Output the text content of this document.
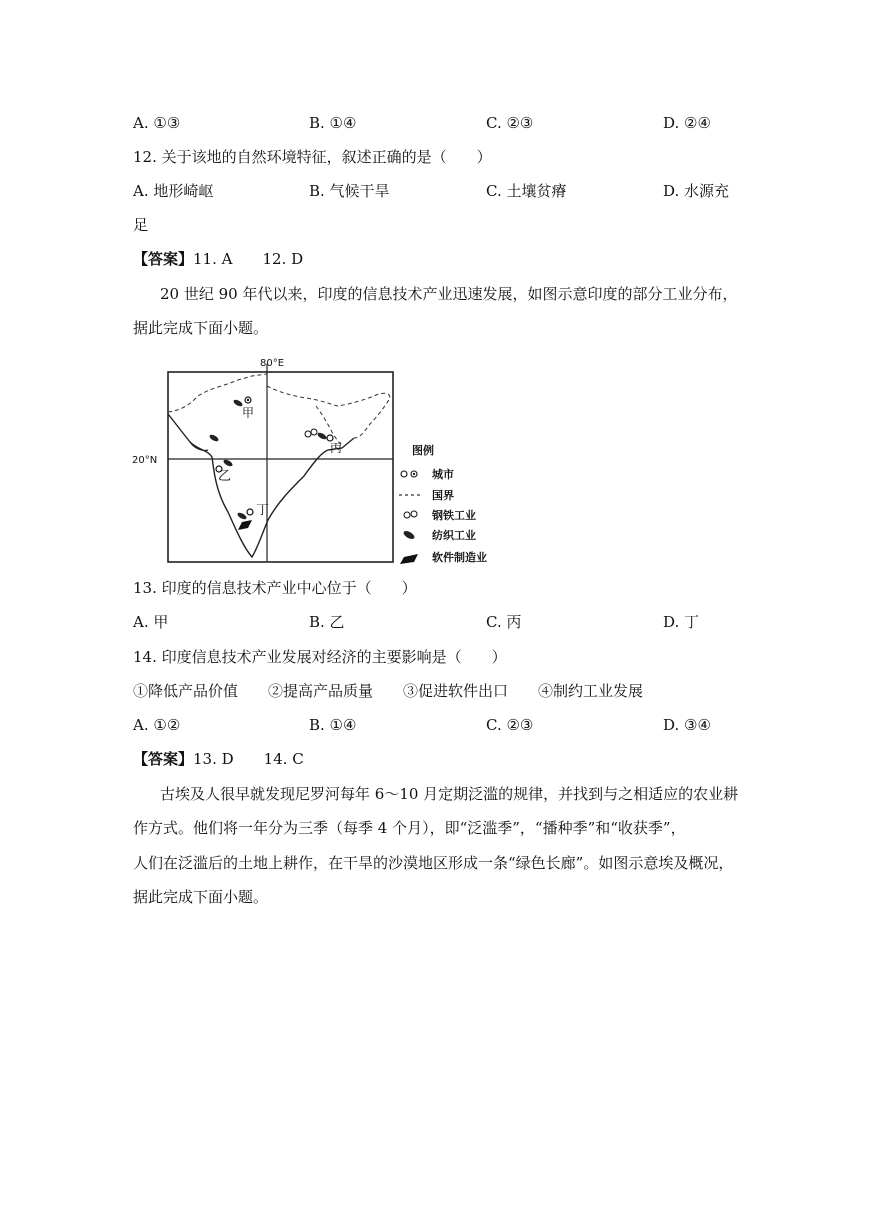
A. ①③	B. ①④	C. ②③	D. ②④
12. 关于该地的自然环境特征，叙述正确的是（　　）
A. 地形崎岖	B. 气候干旱	C. 土壤贫瘠	D. 水源充
足
【答案】11. A　　12. D
20 世纪 90 年代以来，印度的信息技术产业迅速发展，如图示意印度的部分工业分布，
据此完成下面小题。
80°E
20°N
甲
乙
丙
丁
图例
城市
国界
钢铁工业
纺织工业
软件制造业
13. 印度的信息技术产业中心位于（　　）
A. 甲	B. 乙	C. 丙	D. 丁
14. 印度信息技术产业发展对经济的主要影响是（　　）
①降低产品价值　　②提高产品质量　　③促进软件出口　　④制约工业发展
A. ①②	B. ①④	C. ②③	D. ③④
【答案】13. D　　14. C
古埃及人很早就发现尼罗河每年 6～10 月定期泛滥的规律，并找到与之相适应的农业耕
作方式。他们将一年分为三季（每季 4 个月），即“泛滥季”，“播种季”和“收获季”，
人们在泛滥后的土地上耕作，在干旱的沙漠地区形成一条“绿色长廊”。如图示意埃及概况，
据此完成下面小题。
